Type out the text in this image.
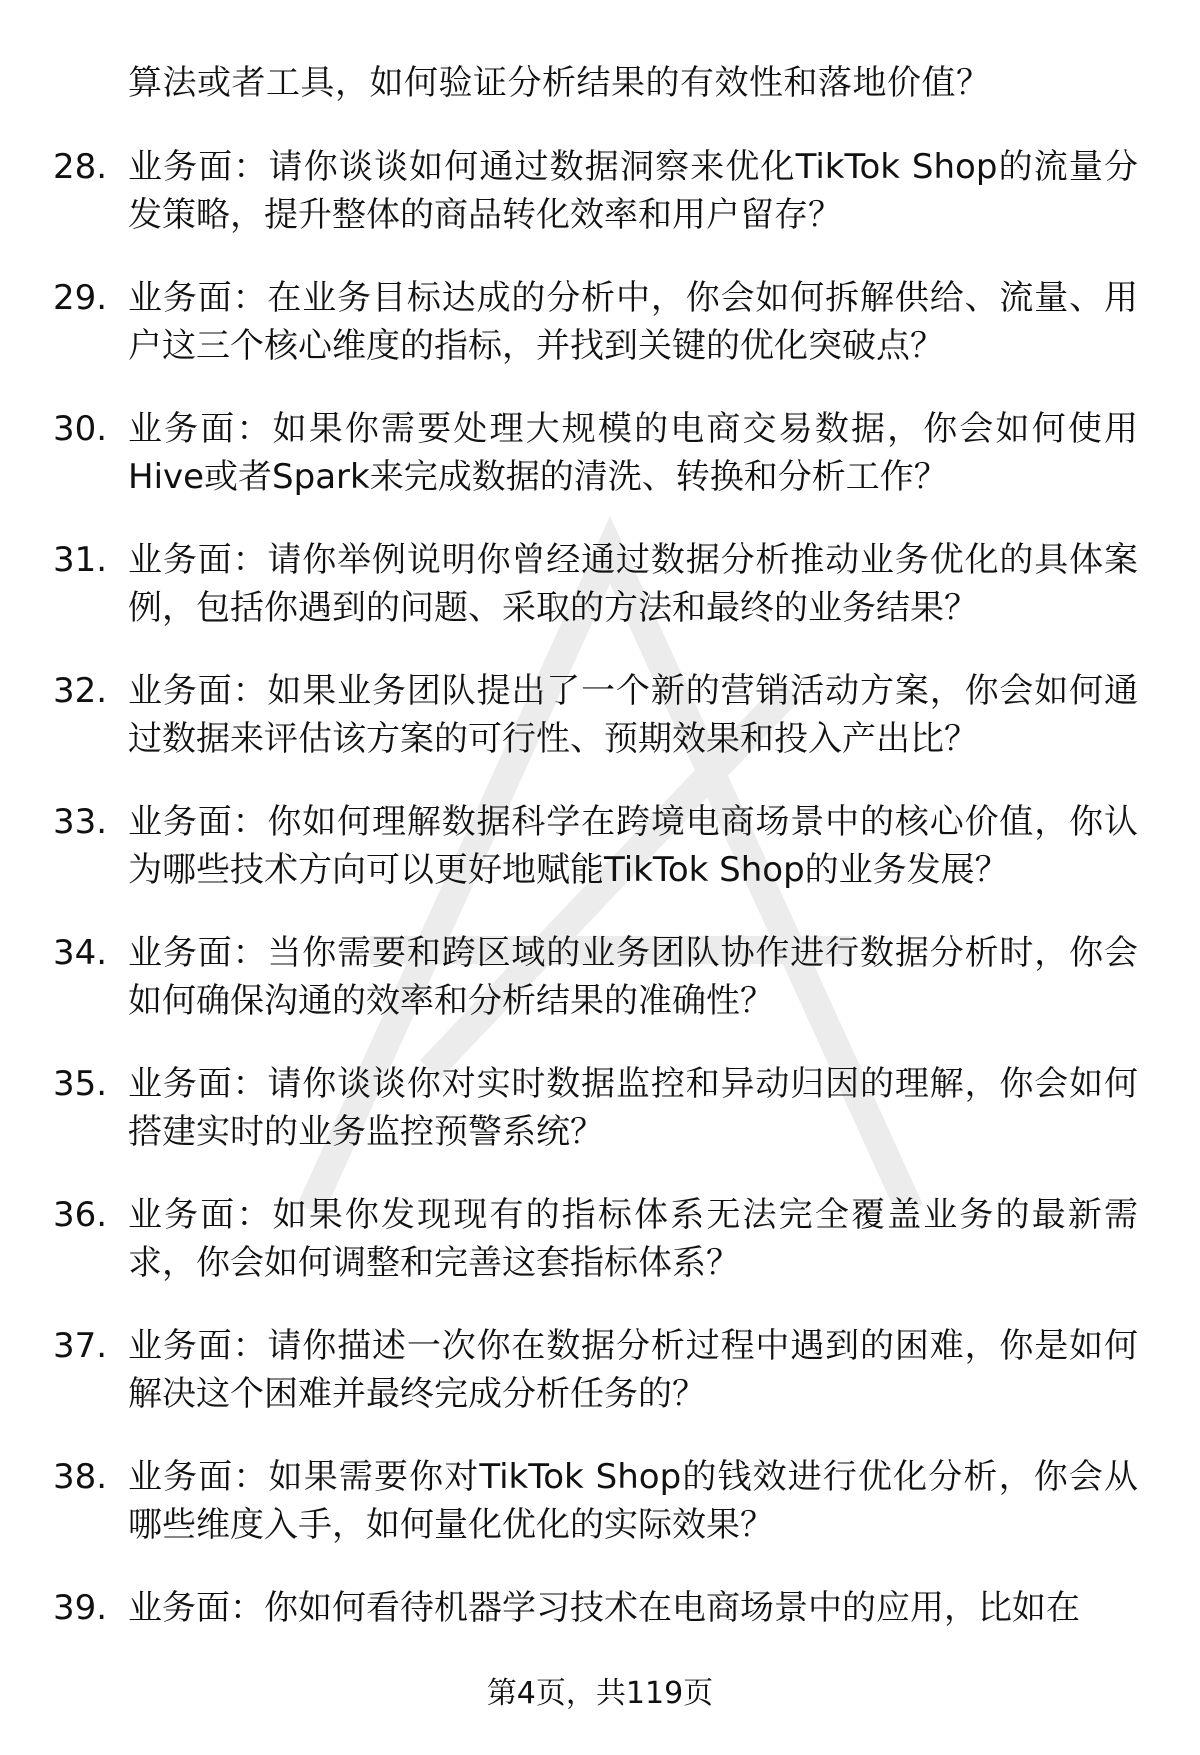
算法或者工具，如何验证分析结果的有效性和落地价值？
28. 业务面：请你谈谈如何通过数据洞察来优化TikTok Shop的流量分发策略，提升整体的商品转化效率和用户留存？
29. 业务面：在业务目标达成的分析中，你会如何拆解供给、流量、用户这三个核心维度的指标，并找到关键的优化突破点？
30. 业务面：如果你需要处理大规模的电商交易数据，你会如何使用Hive或者Spark来完成数据的清洗、转换和分析工作？
31. 业务面：请你举例说明你曾经通过数据分析推动业务优化的具体案例，包括你遇到的问题、采取的方法和最终的业务结果？
32. 业务面：如果业务团队提出了一个新的营销活动方案，你会如何通过数据来评估该方案的可行性、预期效果和投入产出比？
33. 业务面：你如何理解数据科学在跨境电商场景中的核心价值，你认为哪些技术方向可以更好地赋能TikTok Shop的业务发展？
34. 业务面：当你需要和跨区域的业务团队协作进行数据分析时，你会如何确保沟通的效率和分析结果的准确性？
35. 业务面：请你谈谈你对实时数据监控和异动归因的理解，你会如何搭建实时的业务监控预警系统？
36. 业务面：如果你发现现有的指标体系无法完全覆盖业务的最新需求，你会如何调整和完善这套指标体系？
37. 业务面：请你描述一次你在数据分析过程中遇到的困难，你是如何解决这个困难并最终完成分析任务的？
38. 业务面：如果需要你对TikTok Shop的钱效进行优化分析，你会从哪些维度入手，如何量化优化的实际效果？
39. 业务面：你如何看待机器学习技术在电商场景中的应用，比如在
第4页，共119页
